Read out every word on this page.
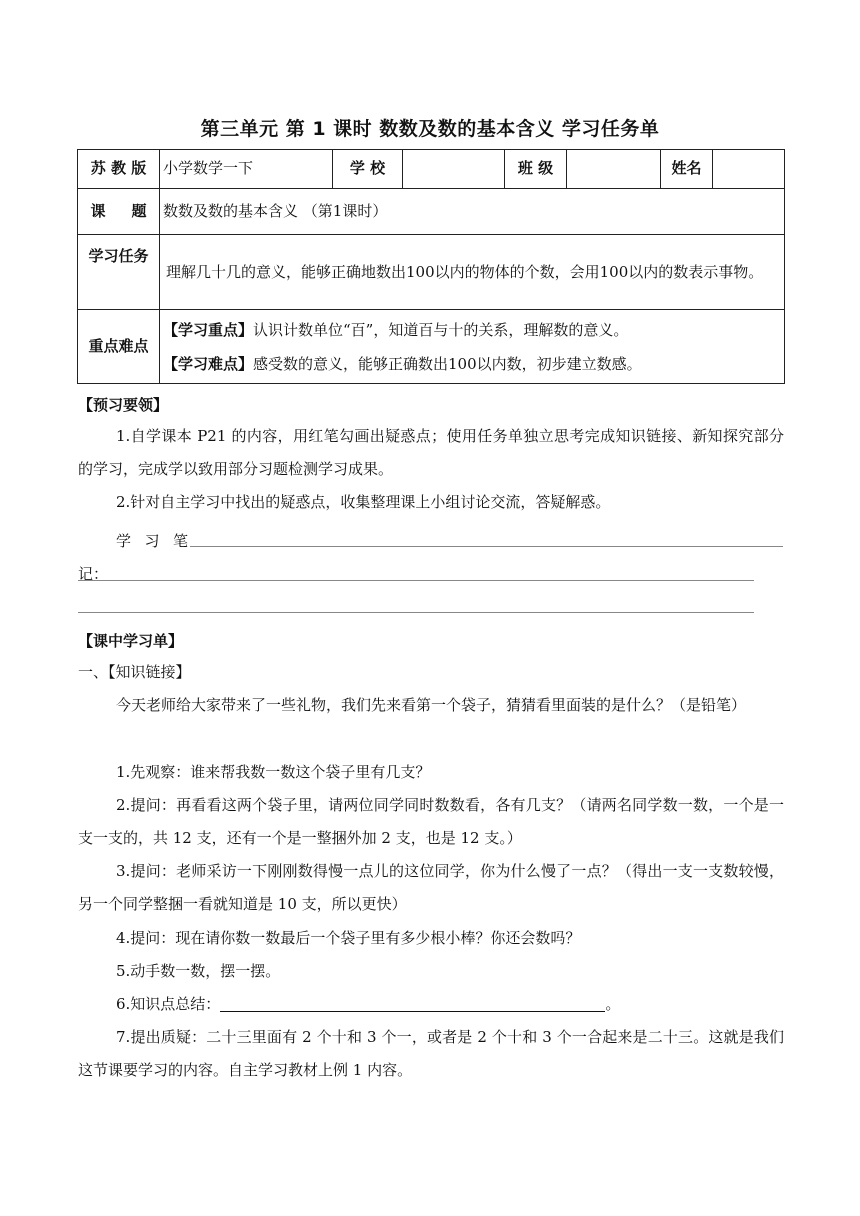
第三单元 第 1 课时 数数及数的基本含义 学习任务单
苏 教 版	小学数学一下	学 校		班 级		姓名	
课     题	数数及数的基本含义 （第1课时）						
学习任务	理解几十几的意义，能够正确地数出100以内的物体的个数，会用100以内的数表示事物。						
重点难点	【学习重点】认识计数单位“百”，知道百与十的关系，理解数的意义。
【学习难点】感受数的意义，能够正确数出100以内数，初步建立数感。						
【预习要领】
1.自学课本 P21 的内容，用红笔勾画出疑惑点；使用任务单独立思考完成知识链接、新知探究部分的学习，完成学以致用部分习题检测学习成果。
2.针对自主学习中找出的疑惑点，收集整理课上小组讨论交流，答疑解惑。
学习笔记：
【课中学习单】
一、【知识链接】
今天老师给大家带来了一些礼物，我们先来看第一个袋子，猜猜看里面装的是什么？（是铅笔）
1.先观察：谁来帮我数一数这个袋子里有几支？
2.提问：再看看这两个袋子里，请两位同学同时数数看，各有几支？（请两名同学数一数，一个是一支一支的，共 12 支，还有一个是一整捆外加 2 支，也是 12 支。）
3.提问：老师采访一下刚刚数得慢一点儿的这位同学，你为什么慢了一点？（得出一支一支数较慢，另一个同学整捆一看就知道是 10 支，所以更快）
4.提问：现在请你数一数最后一个袋子里有多少根小棒？你还会数吗？
5.动手数一数，摆一摆。
6.知识点总结：	。
7.提出质疑：二十三里面有 2 个十和 3 个一，或者是 2 个十和 3 个一合起来是二十三。这就是我们这节课要学习的内容。自主学习教材上例 1 内容。
